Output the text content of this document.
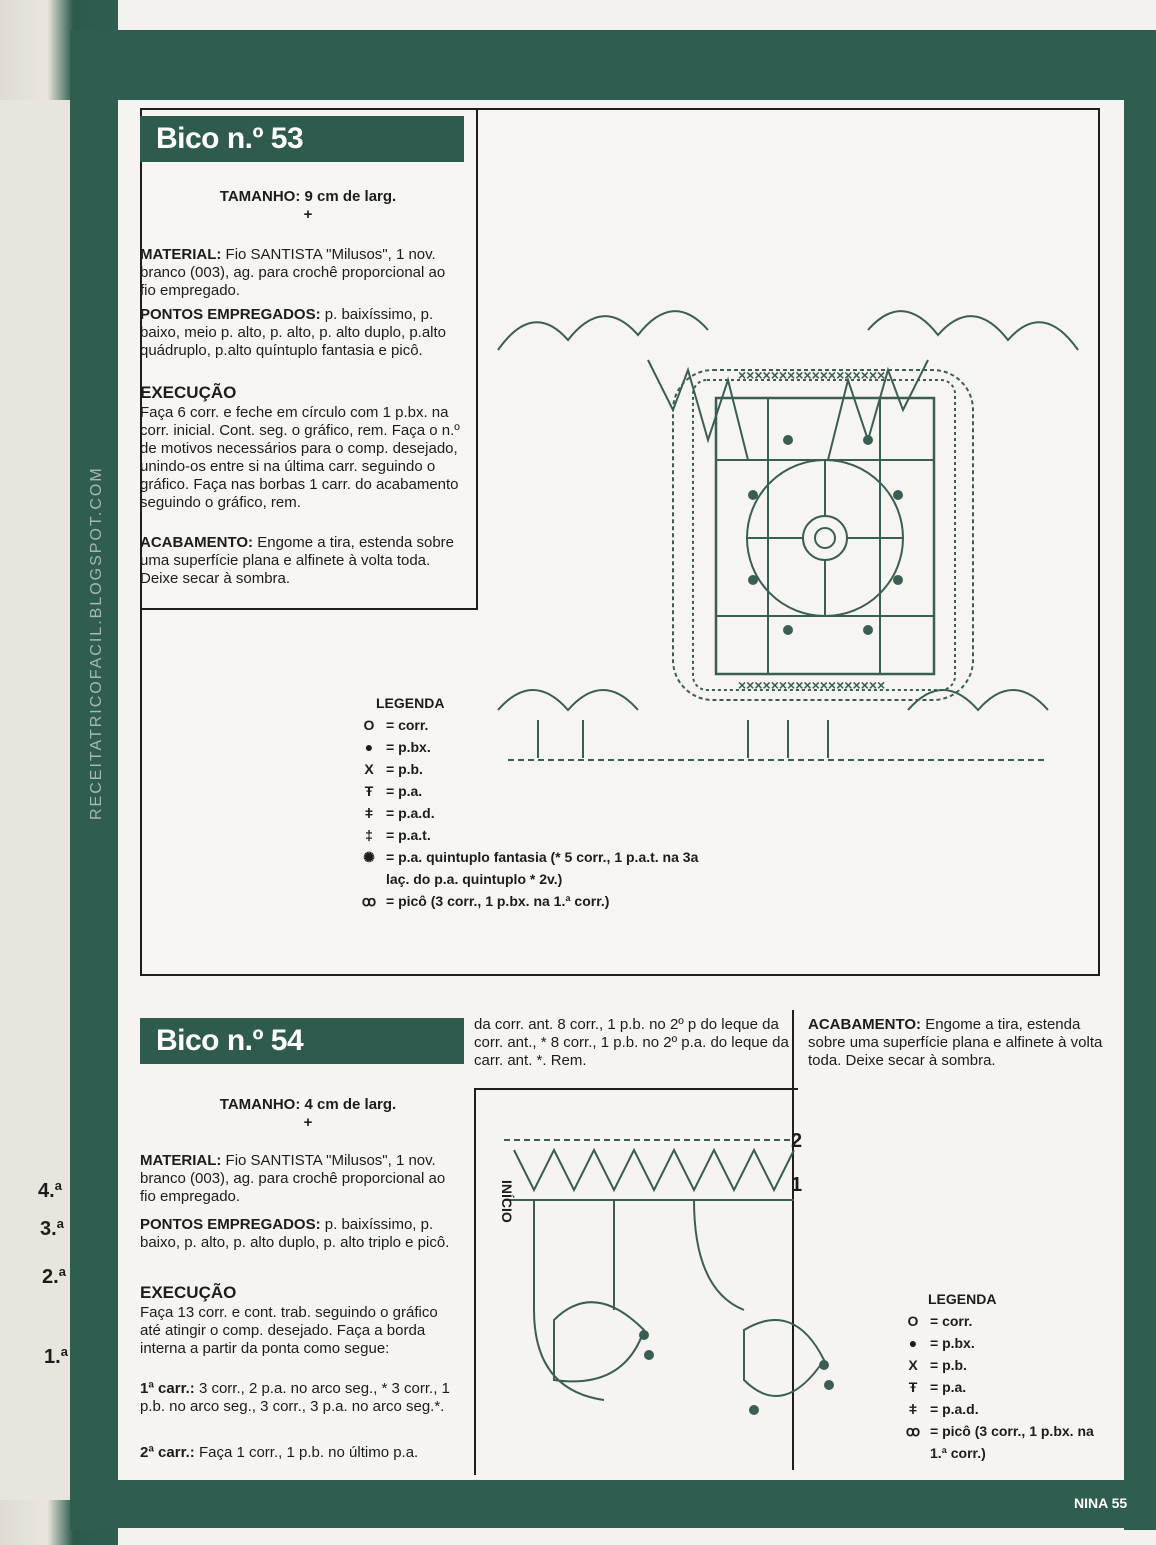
4.ª
3.ª
2.ª
1.ª
RECEITATRICOFACIL.BLOGSPOT.COM
Bico n.º 53
TAMANHO: 9 cm de larg.
+
MATERIAL: Fio SANTISTA "Milusos", 1 nov. branco (003), ag. para crochê proporcional ao fio empregado.
PONTOS EMPREGADOS: p. baixíssimo, p. baixo, meio p. alto, p. alto, p. alto duplo, p.alto quádruplo, p.alto quíntuplo fantasia e picô.
EXECUÇÃO
Faça 6 corr. e feche em círculo com 1 p.bx. na corr. inicial. Cont. seg. o gráfico, rem. Faça o n.º de motivos necessários para o comp. desejado, unindo-os entre si na última carr. seguindo o gráfico. Faça nas borbas 1 carr. do acabamento seguindo o gráfico, rem.
ACABAMENTO: Engome a tira, estenda sobre uma superfície plana e alfinete à volta toda. Deixe secar à sombra.
××××××××××××××××××
××××××××××××××××××
LEGENDA
O = corr.
● = p.bx.
X = p.b.
Ŧ = p.a.
ǂ = p.a.d.
‡ = p.a.t.
✺ = p.a. quintuplo fantasia (* 5 corr., 1 p.a.t. na 3a laç. do p.a. quintuplo * 2v.)
ꝏ = picô (3 corr., 1 p.bx. na 1.ª corr.)
Bico n.º 54
TAMANHO: 4 cm de larg.
+
MATERIAL: Fio SANTISTA "Milusos", 1 nov. branco (003), ag. para crochê proporcional ao fio empregado.
PONTOS EMPREGADOS: p. baixíssimo, p. baixo, p. alto, p. alto duplo, p. alto triplo e picô.
EXECUÇÃO
Faça 13 corr. e cont. trab. seguindo o gráfico até atingir o comp. desejado. Faça a borda interna a partir da ponta como segue:
1ª carr.: 3 corr., 2 p.a. no arco seg., * 3 corr., 1 p.b. no arco seg., 3 corr., 3 p.a. no arco seg.*.
2ª carr.: Faça 1 corr., 1 p.b. no último p.a.
da corr. ant. 8 corr., 1 p.b. no 2º p do leque da corr. ant., * 8 corr., 1 p.b. no 2º p.a. do leque da carr. ant. *. Rem.
ACABAMENTO: Engome a tira, estenda sobre uma superfície plana e alfinete à volta toda. Deixe secar à sombra.
INÍCIO
2
1
LEGENDA
O = corr.
● = p.bx.
X = p.b.
Ŧ = p.a.
ǂ = p.a.d.
ꝏ = picô (3 corr., 1 p.bx. na 1.ª corr.)
NINA 55
